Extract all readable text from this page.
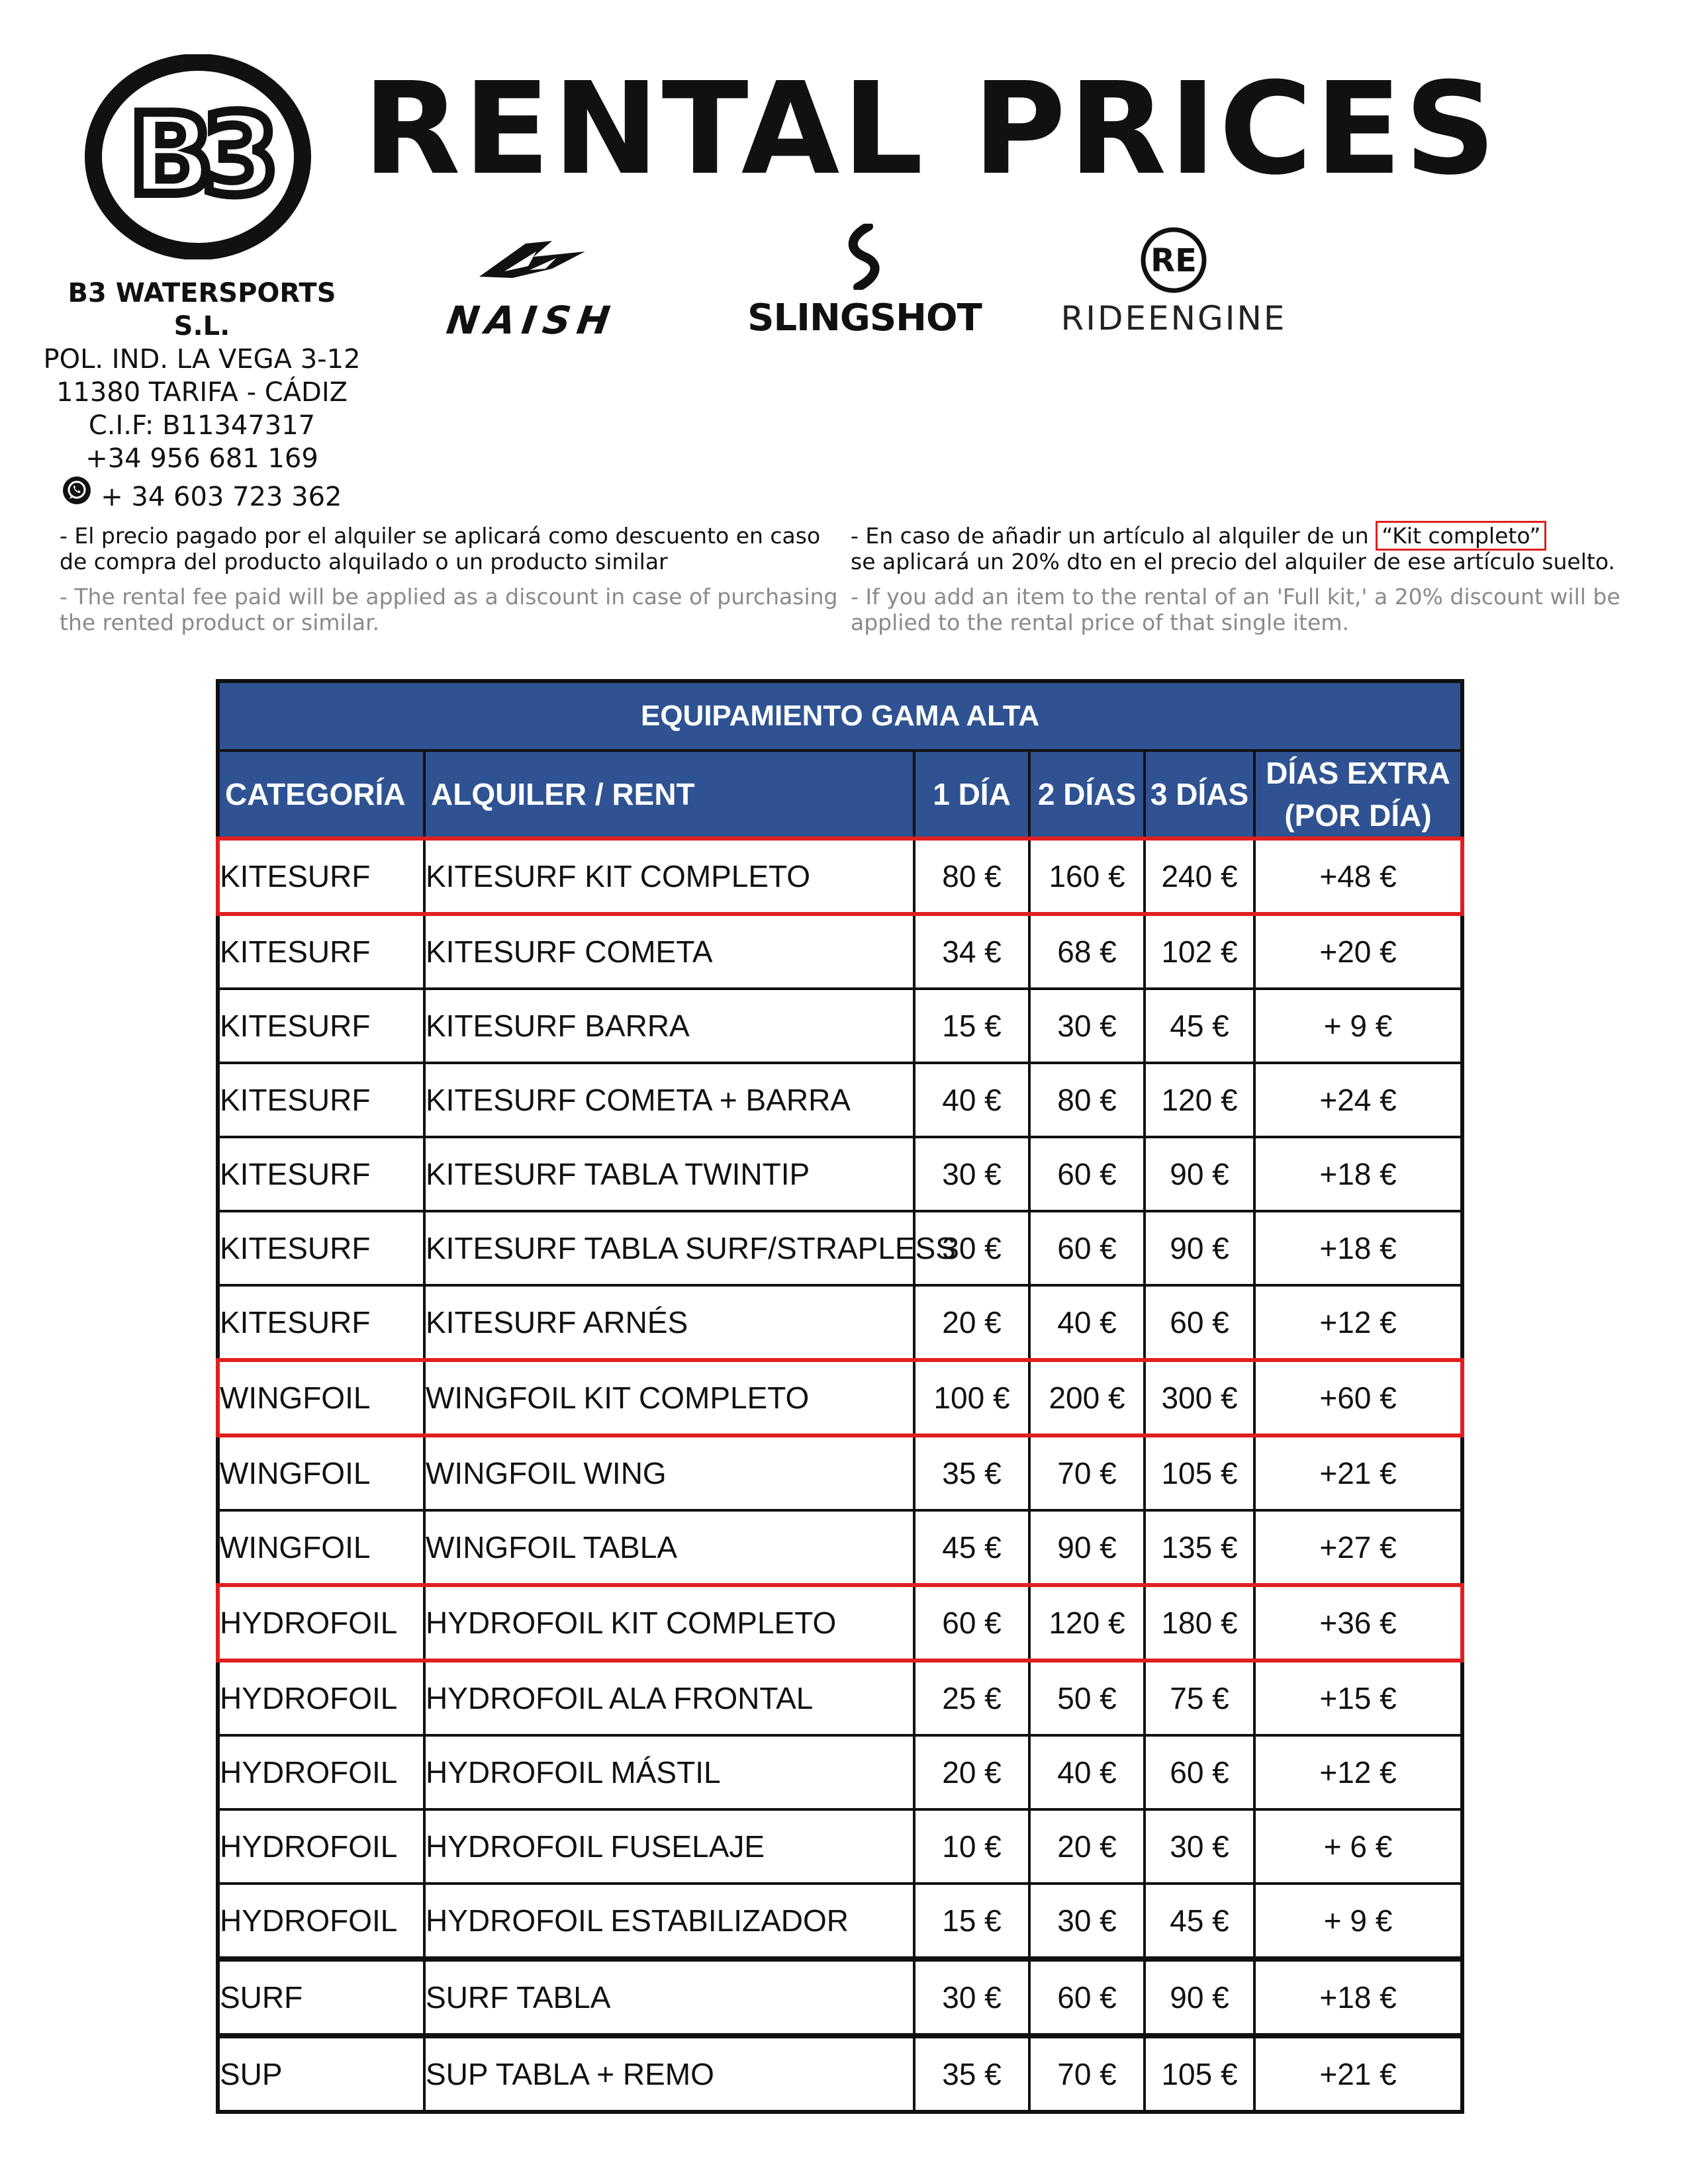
B3 RENTAL PRICES
B3 WATERSPORTS S.L.
POL. IND. LA VEGA 3-12
11380 TARIFA - CÁDIZ
C.I.F: B11347317
+34 956 681 169
+ 34 603 723 362
NAISH	SLINGSHOT
RE
RIDEENGINE

- El precio pagado por el alquiler se aplicará como descuento en caso de compra del producto alquilado o un producto similar

- The rental fee paid will be applied as a discount in case of purchasing the rented product or similar.

- En caso de añadir un artículo al alquiler de un “Kit completo”
se aplicará un 20% dto en el precio del alquiler de ese artículo suelto.

- If you add an item to the rental of an 'Full kit,' a 20% discount will be applied to the rental price of that single item.

EQUIPAMIENTO GAMA ALTA					
CATEGORÍA	ALQUILER / RENT	1 DÍA	2 DÍAS	3 DÍAS	DÍAS EXTRA
(POR DÍA)
KITESURF	KITESURF KIT COMPLETO	80 €	160 €	240 €	+48 €
KITESURF	KITESURF COMETA	34 €	68 €	102 €	+20 €
KITESURF	KITESURF BARRA	15 €	30 €	45 €	+ 9 €
KITESURF	KITESURF COMETA + BARRA	40 €	80 €	120 €	+24 €
KITESURF	KITESURF TABLA TWINTIP	30 €	60 €	90 €	+18 €
KITESURF	KITESURF TABLA SURF/STRAPLESS	30 €	60 €	90 €	+18 €
KITESURF	KITESURF ARNÉS	20 €	40 €	60 €	+12 €
WINGFOIL	WINGFOIL KIT COMPLETO	100 €	200 €	300 €	+60 €
WINGFOIL	WINGFOIL WING	35 €	70 €	105 €	+21 €
WINGFOIL	WINGFOIL TABLA	45 €	90 €	135 €	+27 €
HYDROFOIL	HYDROFOIL KIT COMPLETO	60 €	120 €	180 €	+36 €
HYDROFOIL	HYDROFOIL ALA FRONTAL	25 €	50 €	75 €	+15 €
HYDROFOIL	HYDROFOIL MÁSTIL	20 €	40 €	60 €	+12 €
HYDROFOIL	HYDROFOIL FUSELAJE	10 €	20 €	30 €	+ 6 €
HYDROFOIL	HYDROFOIL ESTABILIZADOR	15 €	30 €	45 €	+ 9 €
SURF	SURF TABLA	30 €	60 €	90 €	+18 €
SUP	SUP TABLA + REMO	35 €	70 €	105 €	+21 €
